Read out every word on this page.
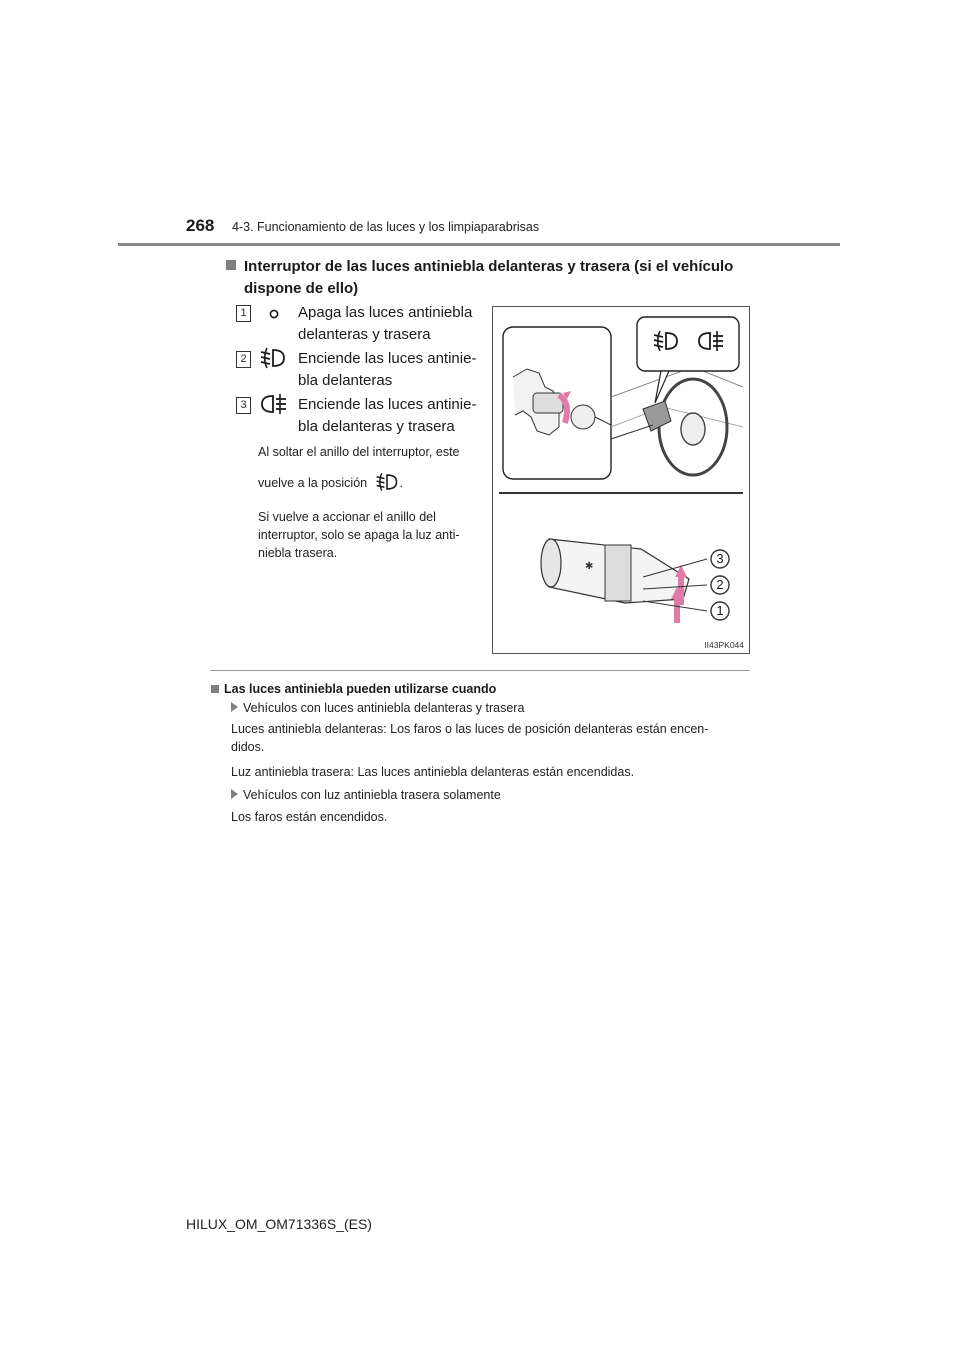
268 4-3. Funcionamiento de las luces y los limpiaparabrisas
Interruptor de las luces antiniebla delanteras y trasera (si el vehículo
dispone de ello)
1	Apaga las luces antiniebla
delanteras y trasera
2	Enciende las luces antinie-
bla delanteras
3	Enciende las luces antinie-
bla delanteras y trasera
Al soltar el anillo del interruptor, este
vuelve a la posición	.
Si vuelve a accionar el anillo del
interruptor, solo se apaga la luz anti-
niebla trasera.
✱
3
2
1
II43PK044
Las luces antiniebla pueden utilizarse cuando
Vehículos con luces antiniebla delanteras y trasera
Luces antiniebla delanteras: Los faros o las luces de posición delanteras están encen-
didos.
Luz antiniebla trasera: Las luces antiniebla delanteras están encendidas.
Vehículos con luz antiniebla trasera solamente
Los faros están encendidos.
HILUX_OM_OM71336S_(ES)
